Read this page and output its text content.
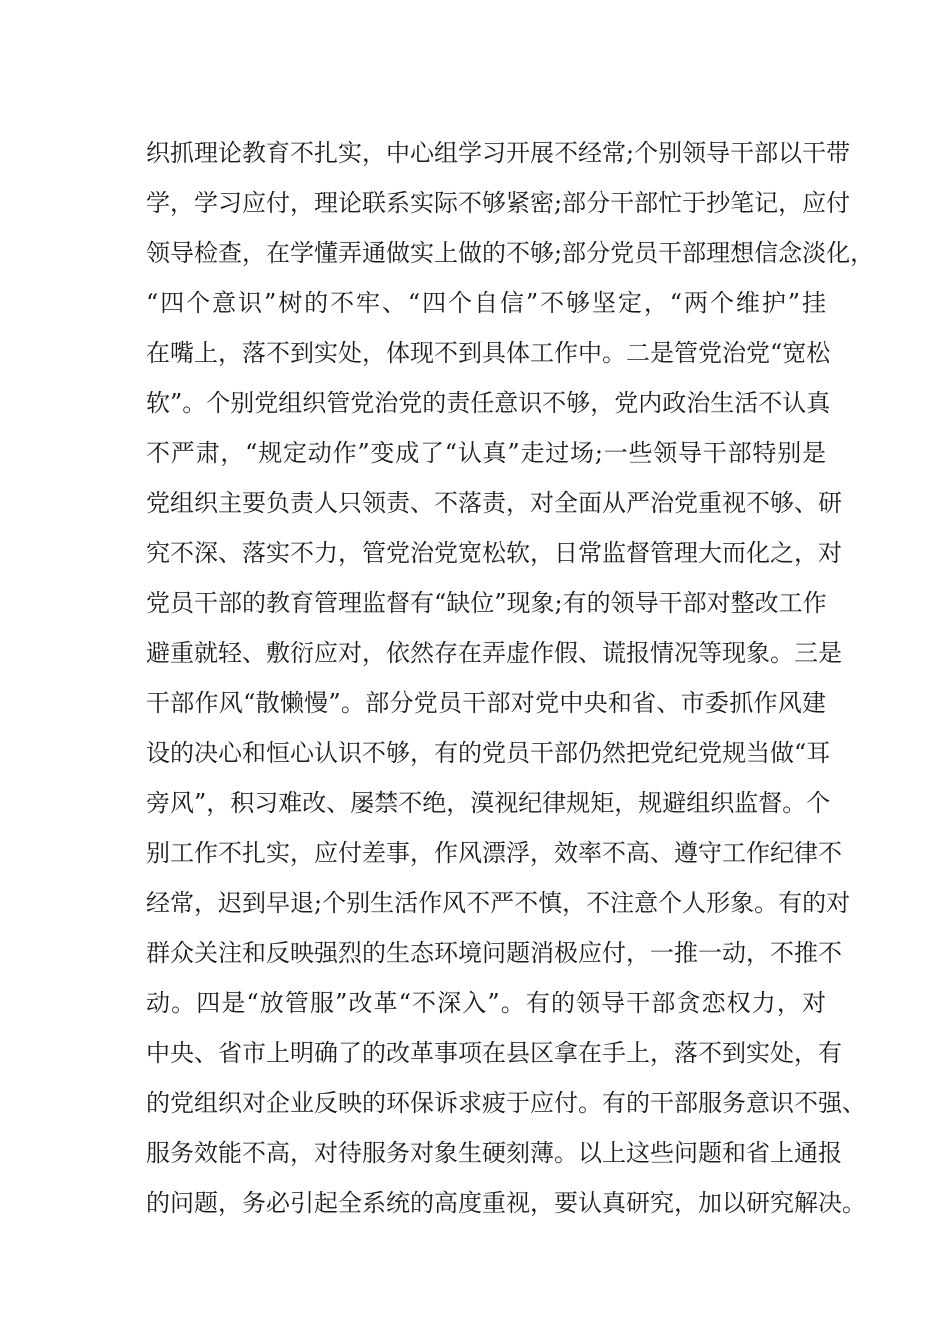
织抓理论教育不扎实，中心组学习开展不经常;个别领导干部以干带
学，学习应付，理论联系实际不够紧密;部分干部忙于抄笔记，应付
领导检查，在学懂弄通做实上做的不够;部分党员干部理想信念淡化，
“四个意识”树的不牢、“四个自信”不够坚定，“两个维护”挂
在嘴上，落不到实处，体现不到具体工作中。二是管党治党“宽松
软”。个别党组织管党治党的责任意识不够，党内政治生活不认真
不严肃，“规定动作”变成了“认真”走过场;一些领导干部特别是
党组织主要负责人只领责、不落责，对全面从严治党重视不够、研
究不深、落实不力，管党治党宽松软，日常监督管理大而化之，对
党员干部的教育管理监督有“缺位”现象;有的领导干部对整改工作
避重就轻、敷衍应对，依然存在弄虚作假、谎报情况等现象。三是
干部作风“散懒慢”。部分党员干部对党中央和省、市委抓作风建
设的决心和恒心认识不够，有的党员干部仍然把党纪党规当做“耳
旁风”，积习难改、屡禁不绝，漠视纪律规矩，规避组织监督。个
别工作不扎实，应付差事，作风漂浮，效率不高、遵守工作纪律不
经常，迟到早退;个别生活作风不严不慎，不注意个人形象。有的对
群众关注和反映强烈的生态环境问题消极应付，一推一动，不推不
动。四是“放管服”改革“不深入”。有的领导干部贪恋权力，对
中央、省市上明确了的改革事项在县区拿在手上，落不到实处，有
的党组织对企业反映的环保诉求疲于应付。有的干部服务意识不强、
服务效能不高，对待服务对象生硬刻薄。以上这些问题和省上通报
的问题，务必引起全系统的高度重视，要认真研究，加以研究解决。
